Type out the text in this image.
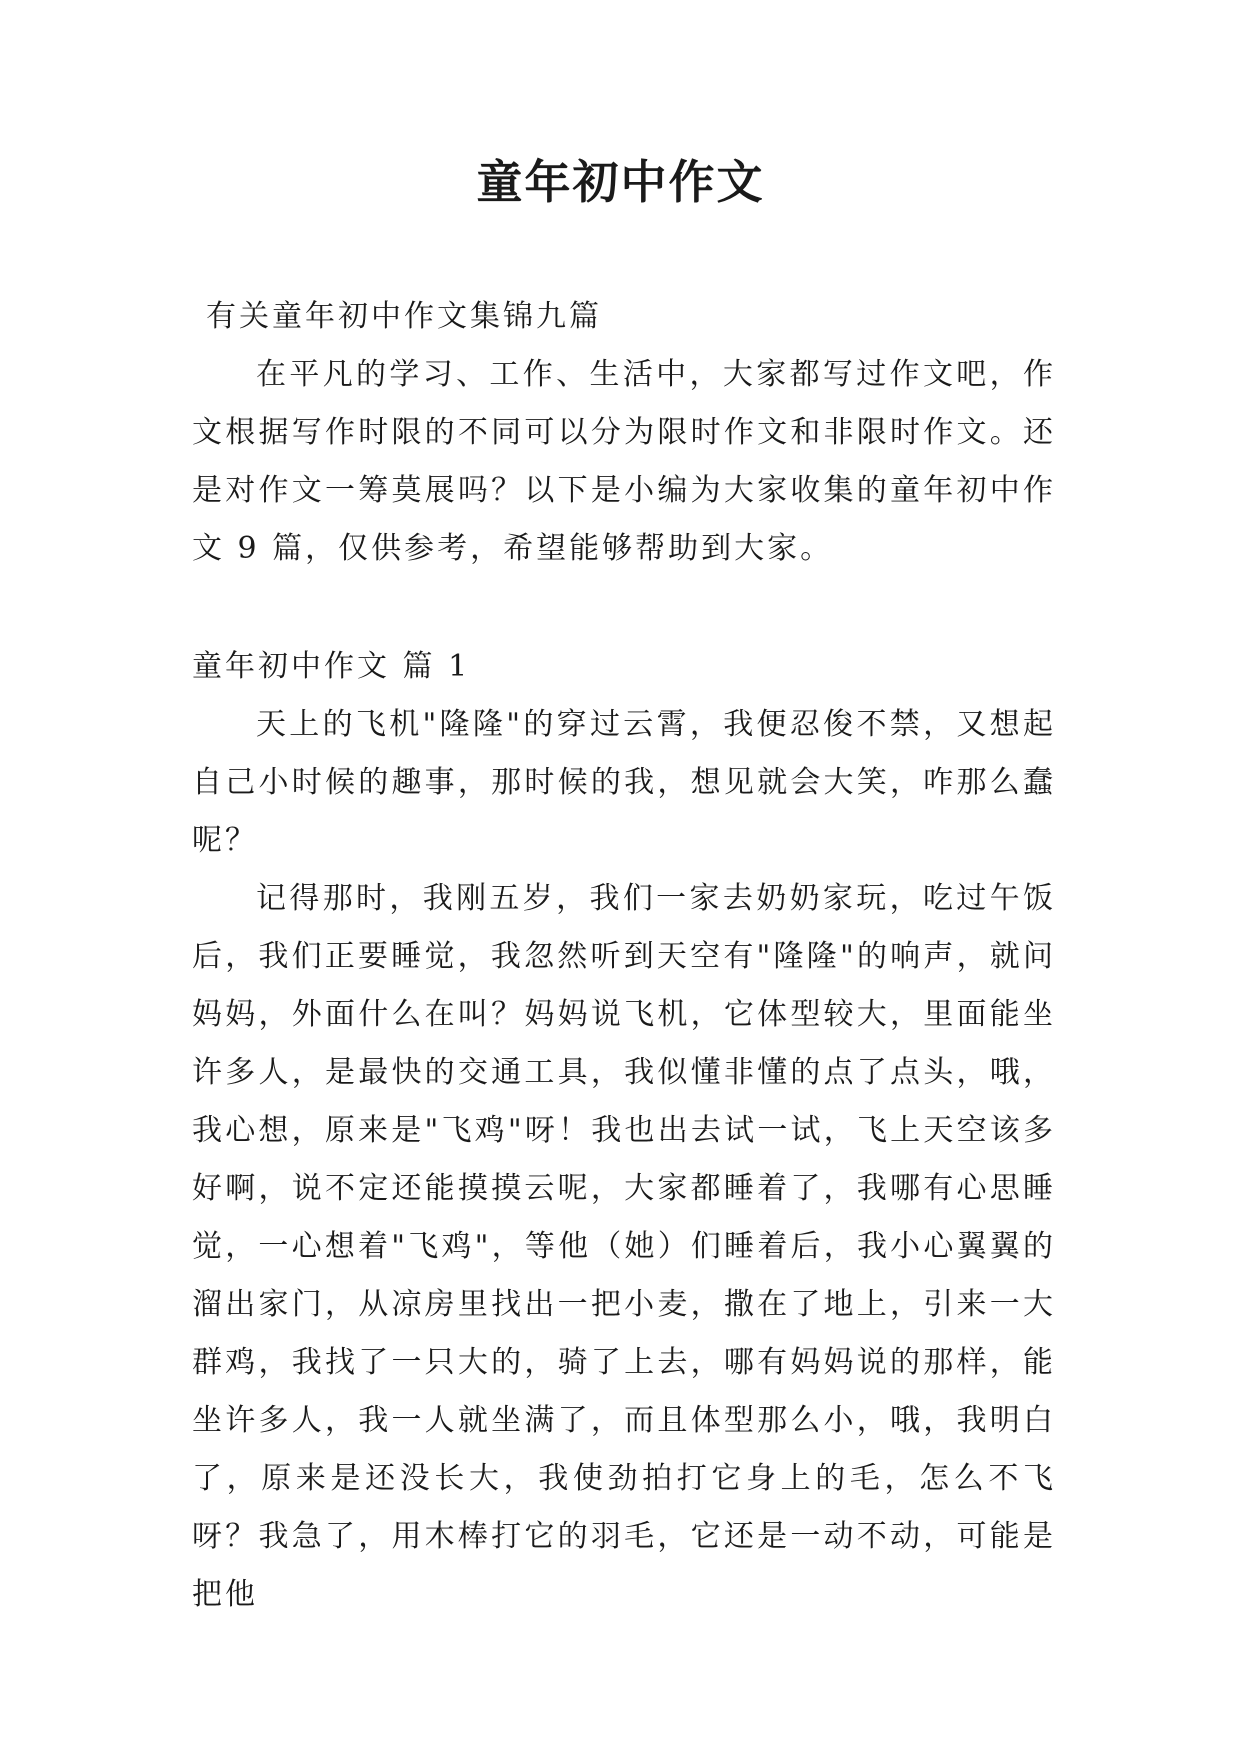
童年初中作文
有关童年初中作文集锦九篇
在平凡的学习、工作、生活中，大家都写过作文吧，作文根据写作时限的不同可以分为限时作文和非限时作文。还是对作文一筹莫展吗？以下是小编为大家收集的童年初中作文 9 篇，仅供参考，希望能够帮助到大家。
童年初中作文 篇 1

天上的飞机"隆隆"的穿过云霄，我便忍俊不禁，又想起自己小时候的趣事，那时候的我，想见就会大笑，咋那么蠢呢？

记得那时，我刚五岁，我们一家去奶奶家玩，吃过午饭后，我们正要睡觉，我忽然听到天空有"隆隆"的响声，就问妈妈，外面什么在叫？妈妈说飞机，它体型较大，里面能坐许多人，是最快的交通工具，我似懂非懂的点了点头，哦，我心想，原来是"飞鸡"呀！我也出去试一试，飞上天空该多好啊，说不定还能摸摸云呢，大家都睡着了，我哪有心思睡觉，一心想着"飞鸡"，等他（她）们睡着后，我小心翼翼的溜出家门，从凉房里找出一把小麦，撒在了地上，引来一大群鸡，我找了一只大的，骑了上去，哪有妈妈说的那样，能坐许多人，我一人就坐满了，而且体型那么小，哦，我明白了，原来是还没长大，我使劲拍打它身上的毛，怎么不飞呀？我急了，用木棒打它的羽毛，它还是一动不动，可能是把他
